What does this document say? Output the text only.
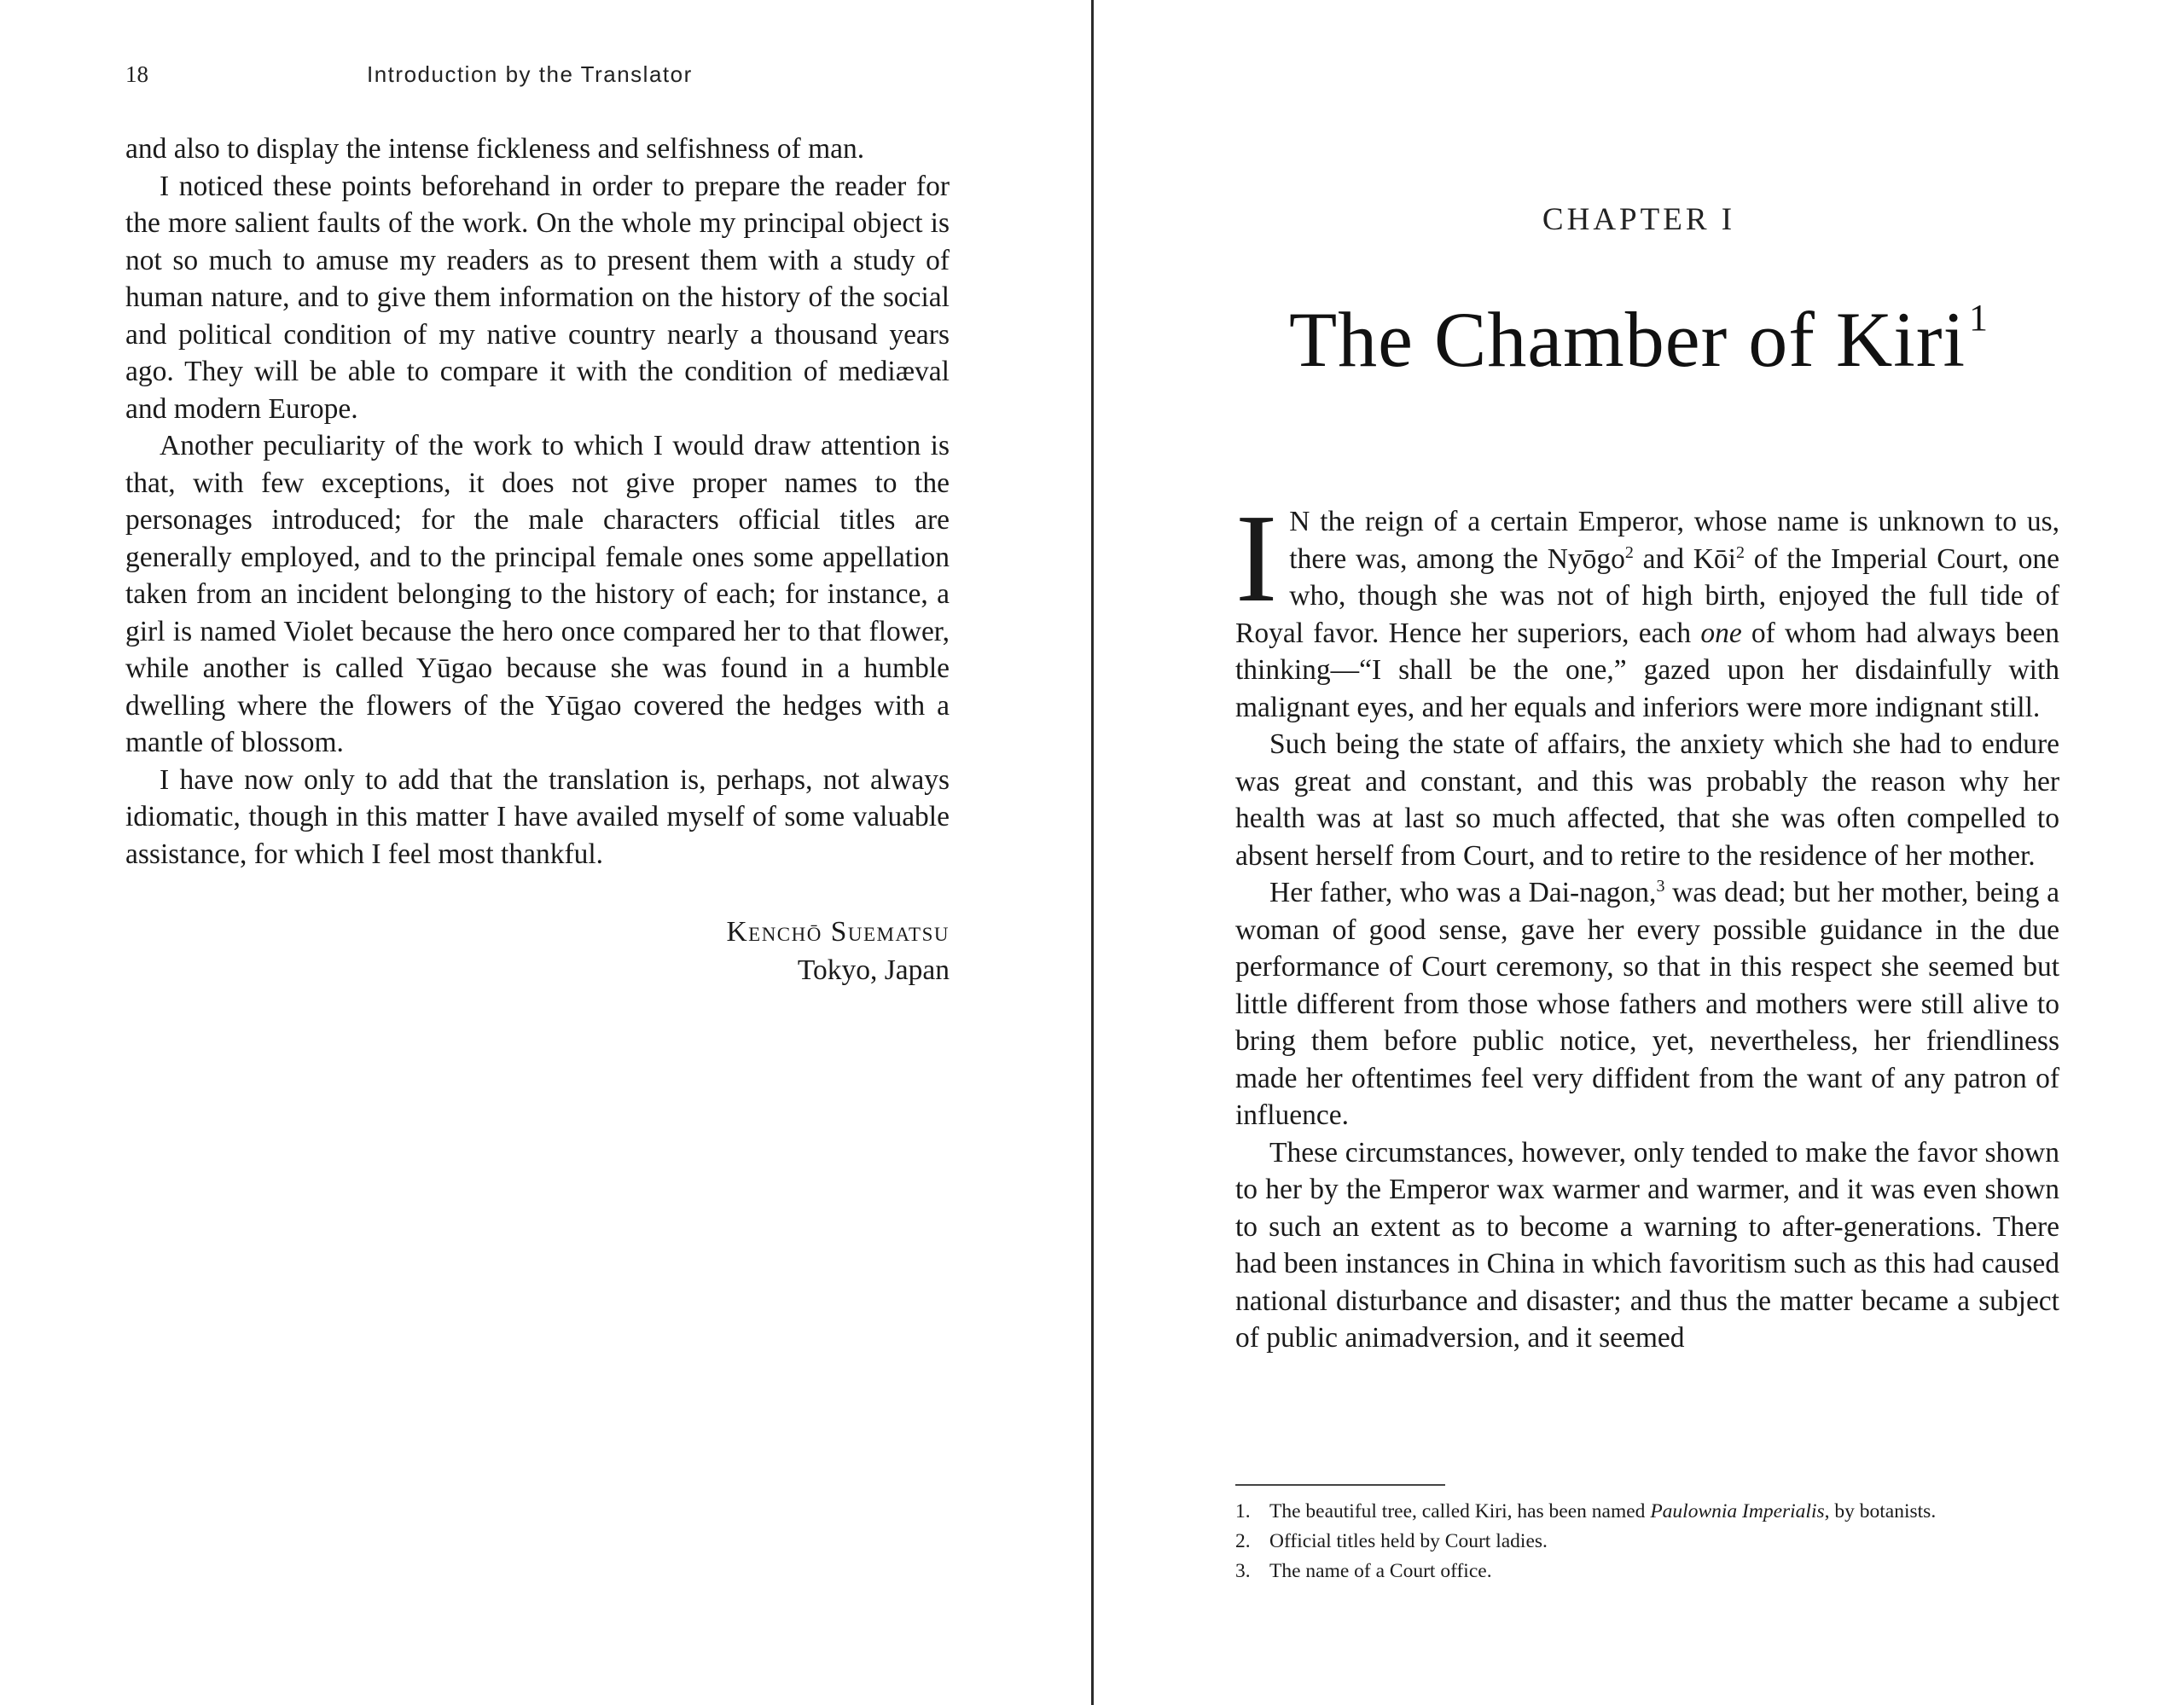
18	Introduction by the Translator

and also to display the intense fickleness and selfishness of man.

I noticed these points beforehand in order to prepare the reader for the more salient faults of the work. On the whole my principal object is not so much to amuse my readers as to present them with a study of human nature, and to give them information on the history of the social and political condition of my native country nearly a thousand years ago. They will be able to compare it with the condition of mediæval and modern Europe.

Another peculiarity of the work to which I would draw attention is that, with few exceptions, it does not give proper names to the personages introduced; for the male characters official titles are generally employed, and to the principal female ones some appellation taken from an incident belonging to the history of each; for instance, a girl is named Violet because the hero once compared her to that flower, while another is called Yūgao because she was found in a humble dwelling where the flowers of the Yūgao covered the hedges with a mantle of blossom.

I have now only to add that the translation is, perhaps, not always idiomatic, though in this matter I have availed myself of some valuable assistance, for which I feel most thankful.

Kenchō Suematsu
Tokyo, Japan
CHAPTER I
The Chamber of Kiri$^1$

I N the reign of a certain Emperor, whose name is unknown to us, there was, among the Nyōgo$^2$ and Kōi$^2$ of the Imperial Court, one who, though she was not of high birth, enjoyed the full tide of Royal favor. Hence her superiors, each one of whom had always been thinking—“I shall be the one,” gazed upon her disdainfully with malignant eyes, and her equals and inferiors were more indignant still.

Such being the state of affairs, the anxiety which she had to endure was great and constant, and this was probably the reason why her health was at last so much affected, that she was often compelled to absent herself from Court, and to retire to the residence of her mother.

Her father, who was a Dai-nagon,$^3$ was dead; but her mother, being a woman of good sense, gave her every possible guidance in the due performance of Court ceremony, so that in this respect she seemed but little different from those whose fathers and mothers were still alive to bring them before public notice, yet, nevertheless, her friendliness made her oftentimes feel very diffident from the want of any patron of influence.

These circumstances, however, only tended to make the favor shown to her by the Emperor wax warmer and warmer, and it was even shown to such an extent as to become a warning to after-generations. There had been instances in China in which favoritism such as this had caused national disturbance and disaster; and thus the matter became a subject of public animadversion, and it seemed

1. The beautiful tree, called Kiri, has been named Paulownia Imperialis, by botanists.
2. Official titles held by Court ladies.
3. The name of a Court office.
